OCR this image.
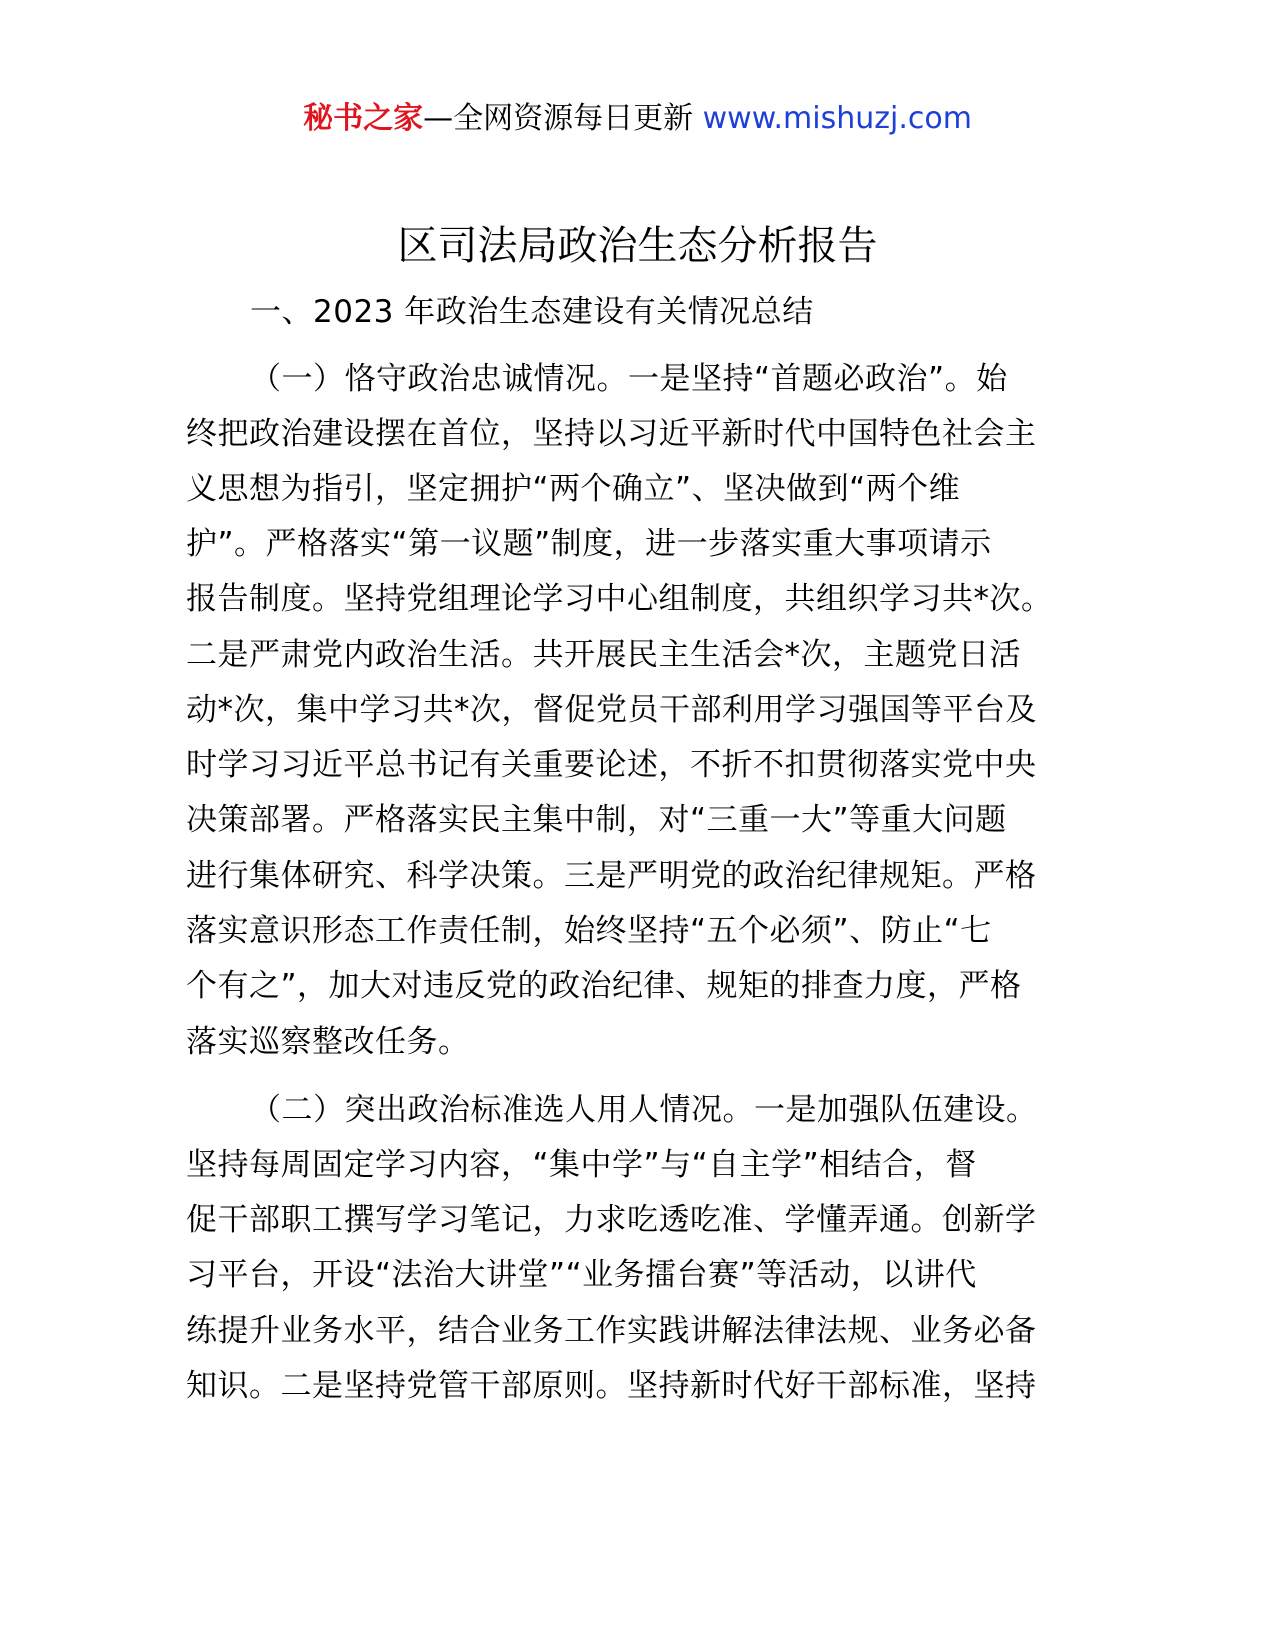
秘书之家—全网资源每日更新 www.mishuzj.com
区司法局政治生态分析报告
一、2023 年政治生态建设有关情况总结
（一）恪守政治忠诚情况。一是坚持“首题必政治”。始
终把政治建设摆在首位，坚持以习近平新时代中国特色社会主
义思想为指引，坚定拥护“两个确立”、坚决做到“两个维
护”。严格落实“第一议题”制度，进一步落实重大事项请示
报告制度。坚持党组理论学习中心组制度，共组织学习共*次。
二是严肃党内政治生活。共开展民主生活会*次，主题党日活
动*次，集中学习共*次，督促党员干部利用学习强国等平台及
时学习习近平总书记有关重要论述，不折不扣贯彻落实党中央
决策部署。严格落实民主集中制，对“三重一大”等重大问题
进行集体研究、科学决策。三是严明党的政治纪律规矩。严格
落实意识形态工作责任制，始终坚持“五个必须”、防止“七
个有之”，加大对违反党的政治纪律、规矩的排查力度，严格
落实巡察整改任务。
（二）突出政治标准选人用人情况。一是加强队伍建设。
坚持每周固定学习内容，“集中学”与“自主学”相结合，督
促干部职工撰写学习笔记，力求吃透吃准、学懂弄通。创新学
习平台，开设“法治大讲堂”“业务擂台赛”等活动，以讲代
练提升业务水平，结合业务工作实践讲解法律法规、业务必备
知识。二是坚持党管干部原则。坚持新时代好干部标准，坚持
